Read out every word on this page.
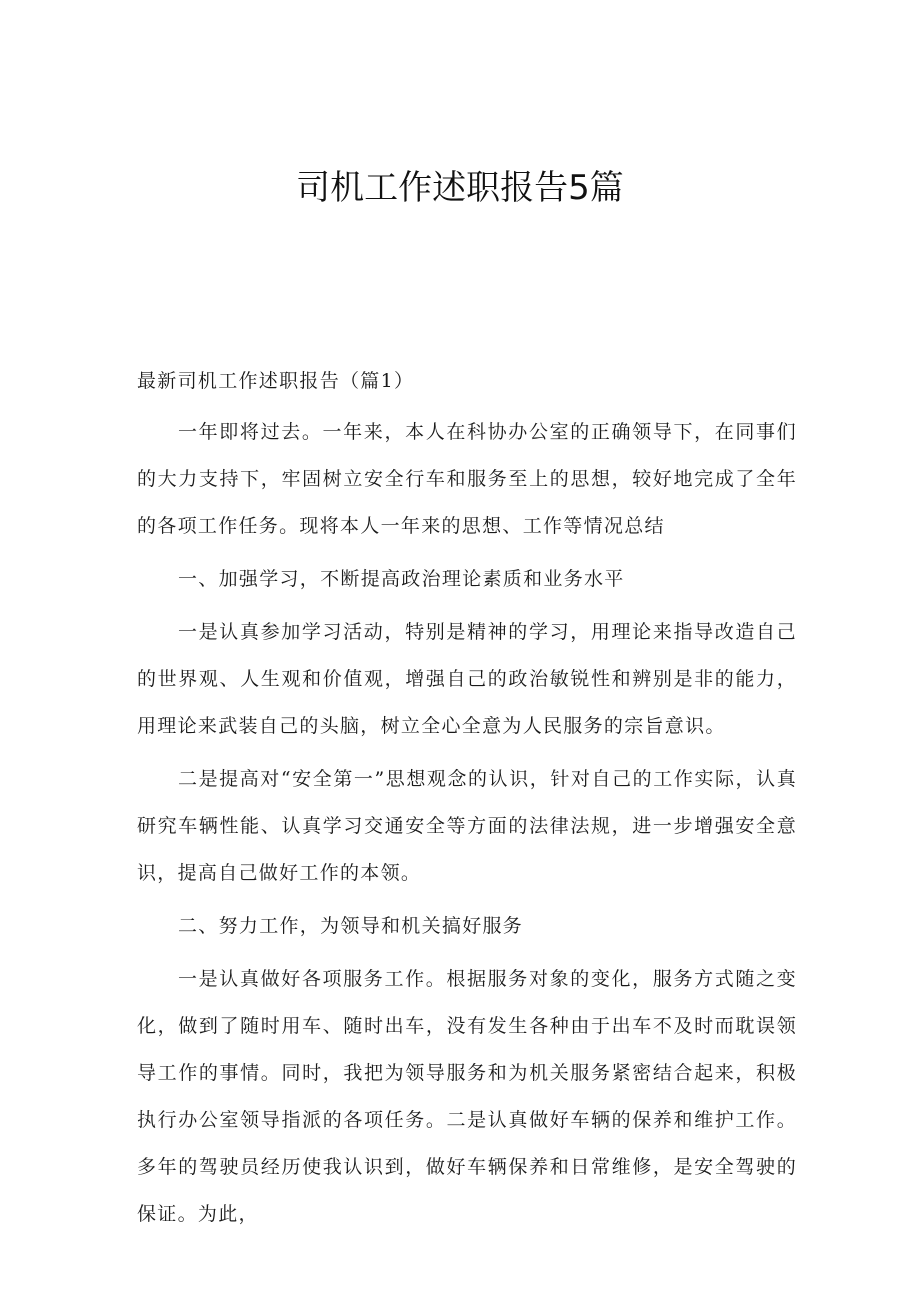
司机工作述职报告5篇

最新司机工作述职报告（篇1）

一年即将过去。一年来，本人在科协办公室的正确领导下，在同事们的大力支持下，牢固树立安全行车和服务至上的思想，较好地完成了全年的各项工作任务。现将本人一年来的思想、工作等情况总结

一、加强学习，不断提高政治理论素质和业务水平

一是认真参加学习活动，特别是精神的学习，用理论来指导改造自己的世界观、人生观和价值观，增强自己的政治敏锐性和辨别是非的能力，用理论来武装自己的头脑，树立全心全意为人民服务的宗旨意识。

二是提高对“安全第一”思想观念的认识，针对自己的工作实际，认真研究车辆性能、认真学习交通安全等方面的法律法规，进一步增强安全意识，提高自己做好工作的本领。

二、努力工作，为领导和机关搞好服务

一是认真做好各项服务工作。根据服务对象的变化，服务方式随之变化，做到了随时用车、随时出车，没有发生各种由于出车不及时而耽误领导工作的事情。同时，我把为领导服务和为机关服务紧密结合起来，积极执行办公室领导指派的各项任务。二是认真做好车辆的保养和维护工作。多年的驾驶员经历使我认识到，做好车辆保养和日常维修，是安全驾驶的保证。为此，
